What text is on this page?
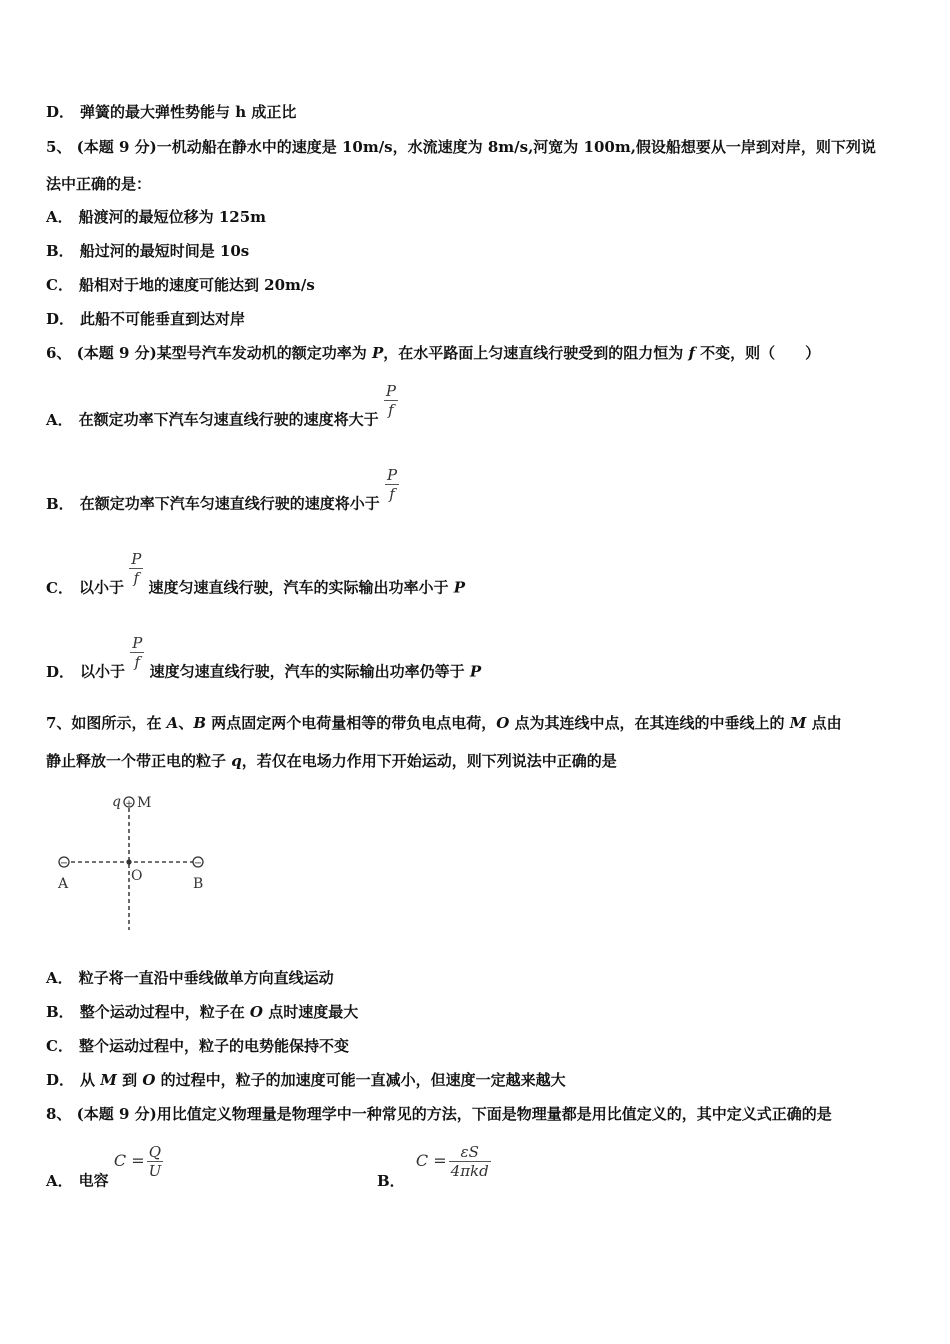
D． 弹簧的最大弹性势能与 h 成正比
5、 (本题 9 分)一机动船在静水中的速度是 10m/s，水流速度为 8m/s,河宽为 100m,假设船想要从一岸到对岸，则下列说
法中正确的是：
A． 船渡河的最短位移为 125m
B． 船过河的最短时间是 10s
C． 船相对于地的速度可能达到 20m/s
D． 此船不可能垂直到达对岸
6、 (本题 9 分)某型号汽车发动机的额定功率为 P，在水平路面上匀速直线行驶受到的阻力恒为 f 不变，则（　　）
A． 在额定功率下汽车匀速直线行驶的速度将大于
$\frac{P}{f}$
B． 在额定功率下汽车匀速直线行驶的速度将小于
$\frac{P}{f}$
C． 以小于
$\frac{P}{f}$
速度匀速直线行驶，汽车的实际输出功率小于 P
D． 以小于
$\frac{P}{f}$
速度匀速直线行驶，汽车的实际输出功率仍等于 P
7、如图所示，在 A、B 两点固定两个电荷量相等的带负电点电荷，O 点为其连线中点，在其连线的中垂线上的 M 点由
静止释放一个带正电的粒子 q，若仅在电场力作用下开始运动，则下列说法中正确的是
+
q M
−	−
A	O	B
A． 粒子将一直沿中垂线做单方向直线运动
B． 整个运动过程中，粒子在 O 点时速度最大
C． 整个运动过程中，粒子的电势能保持不变
D． 从 M 到 O 的过程中，粒子的加速度可能一直减小，但速度一定越来越大
8、 (本题 9 分)用比值定义物理量是物理学中一种常见的方法，下面是物理量都是用比值定义的，其中定义式正确的是
A． 电容 $C = \frac{Q}{U}$
B． $C = \frac{\varepsilon S}{\text{4πkd}}$
